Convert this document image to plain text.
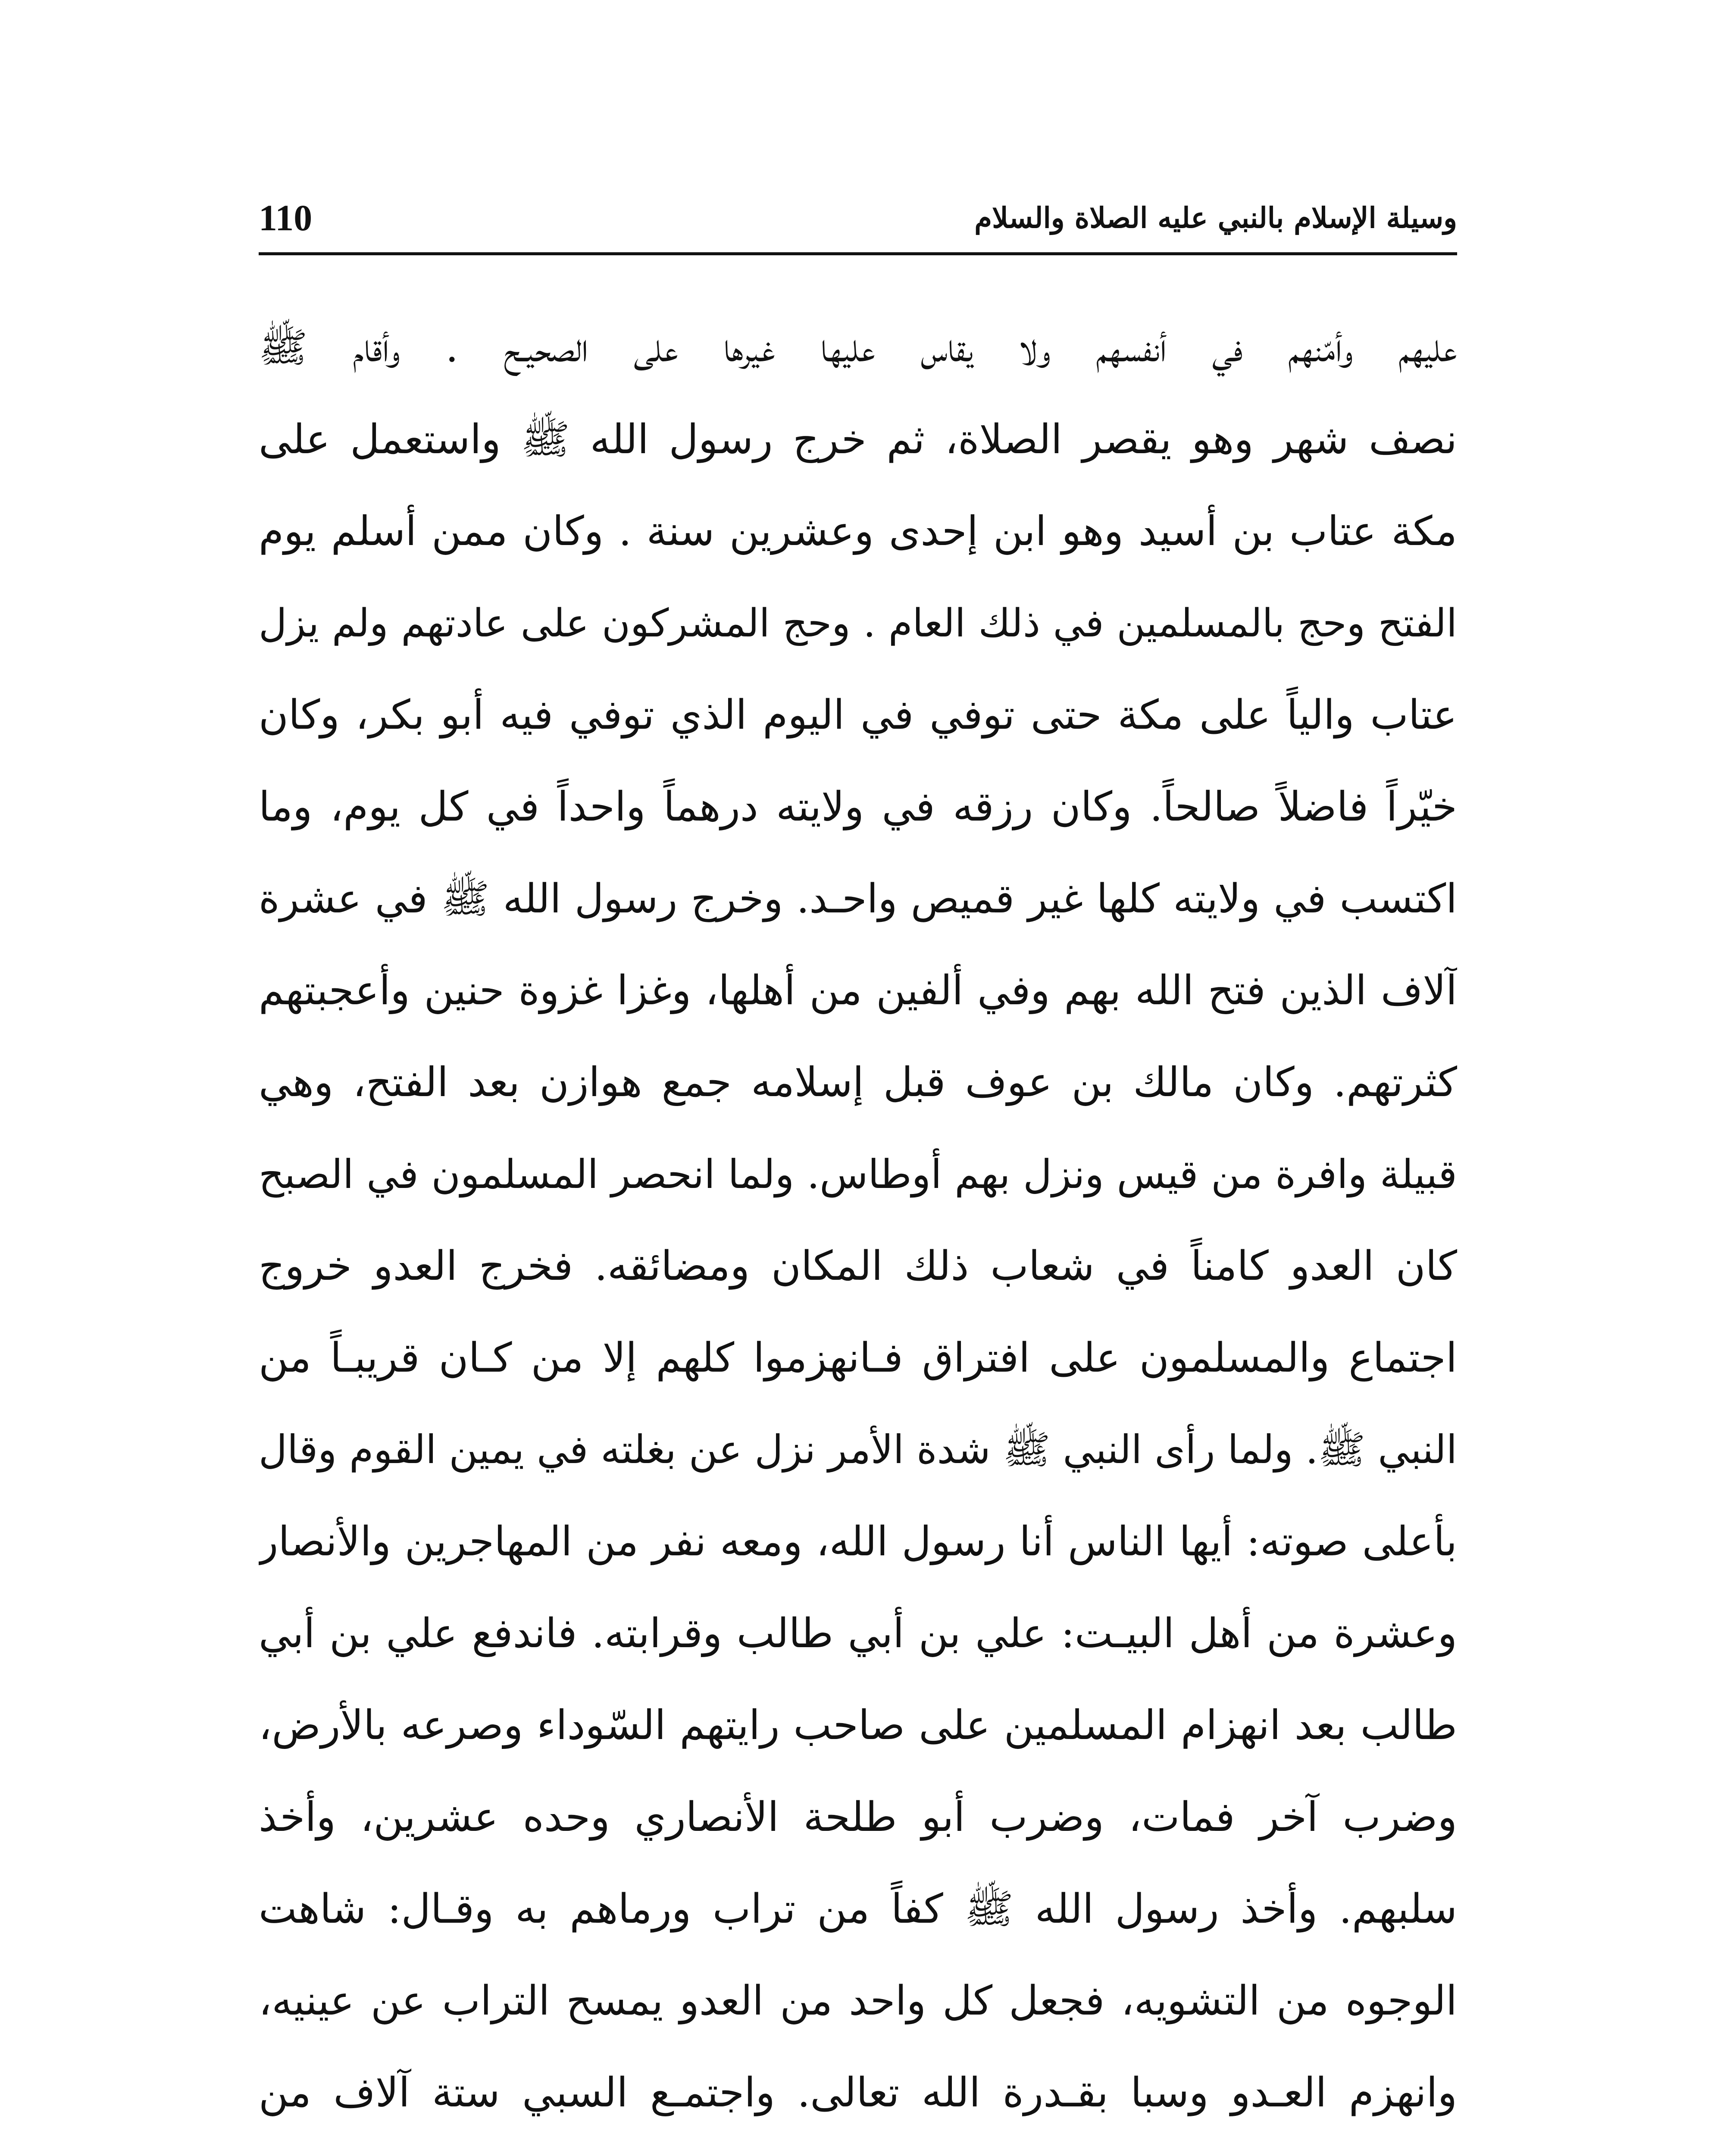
110	وسيلة الإسلام بالنبي عليه الصلاة والسلام
عليهم وأمّنهم في أنفسهم ولا يقاس عليها غيرها على الصحيـح . وأقام ﷺ
نصف شهر وهو يقصر الصلاة، ثم خرج رسول الله ﷺ واستعمل على
مكة عتاب بن أسيد وهو ابن إحدى وعشرين سنة . وكان ممن أسلم يوم
الفتح وحج بالمسلمين في ذلك العام . وحج المشركون على عادتهم ولم يزل
عتاب والياً على مكة حتى توفي في اليوم الذي توفي فيه أبو بكر، وكان
خيّراً فاضلاً صالحاً. وكان رزقه في ولايته درهماً واحداً في كل يوم، وما
اكتسب في ولايته كلها غير قميص واحـد. وخرج رسول الله ﷺ في عشرة
آلاف الذين فتح الله بهم وفي ألفين من أهلها، وغزا غزوة حنين وأعجبتهم
كثرتهم. وكان مالك بن عوف قبل إسلامه جمع هوازن بعد الفتح، وهي
قبيلة وافرة من قيس ونزل بهم أوطاس. ولما انحصر المسلمون في الصبح
كان العدو كامناً في شعاب ذلك المكان ومضائقه. فخرج العدو خروج
اجتماع والمسلمون على افتراق فـانهزموا كلهم إلا من كـان قريبـاً من
النبي ﷺ. ولما رأى النبي ﷺ شدة الأمر نزل عن بغلته في يمين القوم وقال
بأعلى صوته: أيها الناس أنا رسول الله، ومعه نفر من المهاجرين والأنصار
وعشرة من أهل البيـت: علي بن أبي طالب وقرابته. فاندفع علي بن أبي
طالب بعد انهزام المسلمين على صاحب رايتهم السّوداء وصرعه بالأرض،
وضرب آخر فمات، وضرب أبو طلحة الأنصاري وحده عشرين، وأخذ
سلبهم. وأخذ رسول الله ﷺ كفاً من تراب ورماهم به وقـال: شاهت
الوجوه من التشويه، فجعل كل واحد من العدو يمسح التراب عن عينيه،
وانهزم العـدو وسبا بقـدرة الله تعالى. واجتمـع السبي ستة آلاف من
